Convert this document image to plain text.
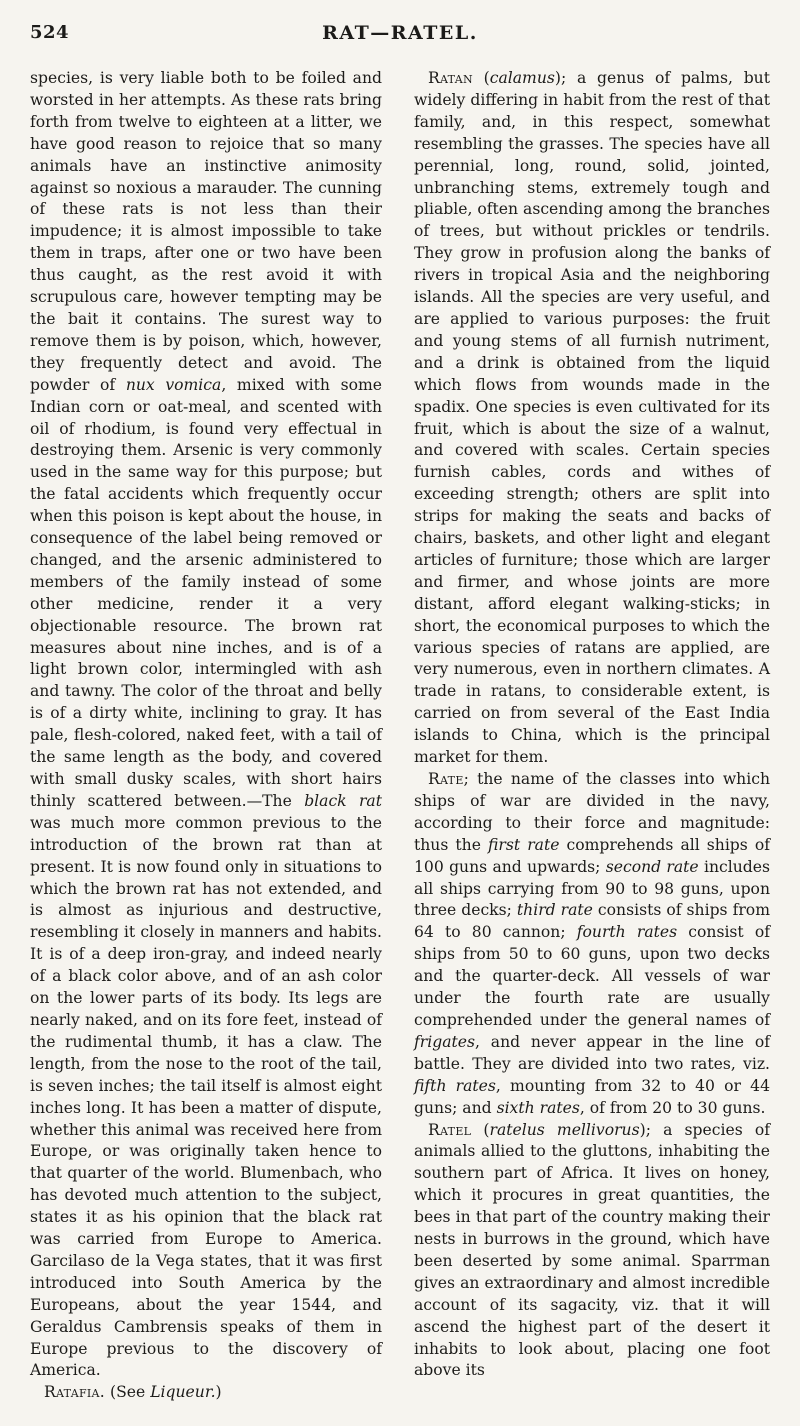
524	RAT—RATEL.

species, is very liable both to be foiled and worsted in her attempts. As these rats bring forth from twelve to eighteen at a litter, we have good reason to rejoice that so many animals have an instinctive animosity against so noxious a marauder. The cunning of these rats is not less than their impudence; it is almost impossible to take them in traps, after one or two have been thus caught, as the rest avoid it with scrupulous care, however tempting may be the bait it contains. The surest way to remove them is by poison, which, however, they frequently detect and avoid. The powder of nux vomica, mixed with some Indian corn or oat-meal, and scented with oil of rhodium, is found very effectual in destroying them. Arsenic is very commonly used in the same way for this purpose; but the fatal accidents which frequently occur when this poison is kept about the house, in consequence of the label being removed or changed, and the arsenic administered to members of the family instead of some other medicine, render it a very objectionable resource. The brown rat measures about nine inches, and is of a light brown color, intermingled with ash and tawny. The color of the throat and belly is of a dirty white, inclining to gray. It has pale, flesh-colored, naked feet, with a tail of the same length as the body, and covered with small dusky scales, with short hairs thinly scattered between.—The black rat was much more common previous to the introduction of the brown rat than at present. It is now found only in situations to which the brown rat has not extended, and is almost as injurious and destructive, resembling it closely in manners and habits. It is of a deep iron-gray, and indeed nearly of a black color above, and of an ash color on the lower parts of its body. Its legs are nearly naked, and on its fore feet, instead of the rudimental thumb, it has a claw. The length, from the nose to the root of the tail, is seven inches; the tail itself is almost eight inches long. It has been a matter of dispute, whether this animal was received here from Europe, or was originally taken hence to that quarter of the world. Blumenbach, who has devoted much attention to the subject, states it as his opinion that the black rat was carried from Europe to America. Garcilaso de la Vega states, that it was first introduced into South America by the Europeans, about the year 1544, and Geraldus Cambrensis speaks of them in Europe previous to the discovery of America.

Ratafia. (See Liqueur.)

Ratan (calamus); a genus of palms, but widely differing in habit from the rest of that family, and, in this respect, somewhat resembling the grasses. The species have all perennial, long, round, solid, jointed, unbranching stems, extremely tough and pliable, often ascending among the branches of trees, but without prickles or tendrils. They grow in profusion along the banks of rivers in tropical Asia and the neighboring islands. All the species are very useful, and are applied to various purposes: the fruit and young stems of all furnish nutriment, and a drink is obtained from the liquid which flows from wounds made in the spadix. One species is even cultivated for its fruit, which is about the size of a walnut, and covered with scales. Certain species furnish cables, cords and withes of exceeding strength; others are split into strips for making the seats and backs of chairs, baskets, and other light and elegant articles of furniture; those which are larger and firmer, and whose joints are more distant, afford elegant walking-sticks; in short, the economical purposes to which the various species of ratans are applied, are very numerous, even in northern climates. A trade in ratans, to considerable extent, is carried on from several of the East India islands to China, which is the principal market for them.

Rate; the name of the classes into which ships of war are divided in the navy, according to their force and magnitude: thus the first rate comprehends all ships of 100 guns and upwards; second rate includes all ships carrying from 90 to 98 guns, upon three decks; third rate consists of ships from 64 to 80 cannon; fourth rates consist of ships from 50 to 60 guns, upon two decks and the quarter-deck. All vessels of war under the fourth rate are usually comprehended under the general names of frigates, and never appear in the line of battle. They are divided into two rates, viz. fifth rates, mounting from 32 to 40 or 44 guns; and sixth rates, of from 20 to 30 guns.

Ratel (ratelus mellivorus); a species of animals allied to the gluttons, inhabiting the southern part of Africa. It lives on honey, which it procures in great quantities, the bees in that part of the country making their nests in burrows in the ground, which have been deserted by some animal. Sparrman gives an extraordinary and almost incredible account of its sagacity, viz. that it will ascend the highest part of the desert it inhabits to look about, placing one foot above its
